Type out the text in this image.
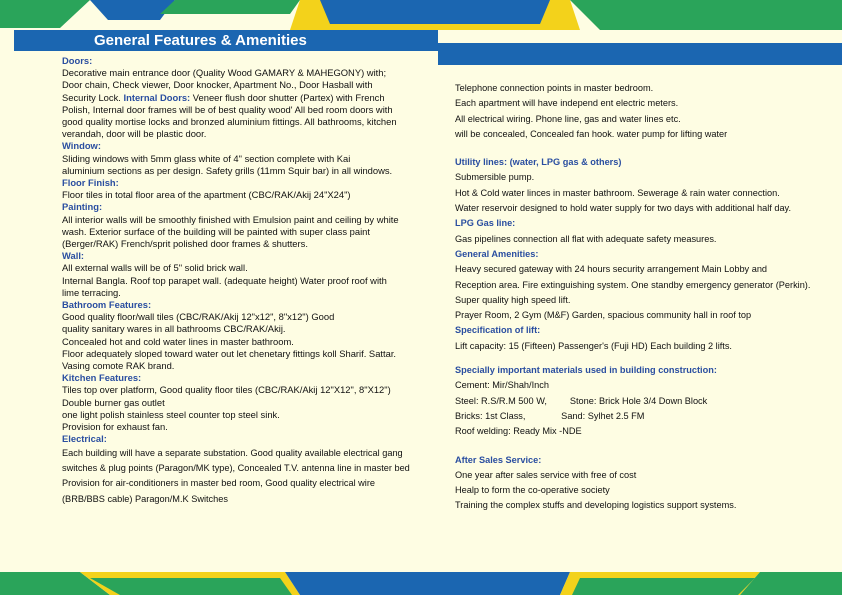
General Features & Amenities

Doors:

Decorative main entrance door (Quality Wood GAMARY & MAHEGONY) with;

Door chain, Check viewer, Door knocker, Apartment No., Door Hasball with

Security Lock. Internal Doors: Veneer flush door shutter (Partex) with French

Polish, Internal door frames will be of best quality wood' All bed room doors with

good quality mortise locks and bronzed aluminium fittings. All bathrooms, kitchen

verandah, door will be plastic door.

Window:

Sliding windows with 5mm glass white of 4" section complete with Kai

aluminium sections as per design. Safety grills (11mm Squir bar) in all windows.

Floor Finish:

Floor tiles in total floor area of the apartment (CBC/RAK/Akij 24"X24")

Painting:

All interior walls will be smoothly finished with Emulsion paint and ceiling by white

wash. Exterior surface of the building will be painted with super class paint

(Berger/RAK) French/sprit polished door frames & shutters.

Wall:

All external walls will be of 5" solid brick wall.

Internal Bangla. Roof top parapet wall. (adequate height) Water proof roof with

lime terracing.

Bathroom Features:

Good quality floor/wall tiles (CBC/RAK/Akij 12"x12", 8"x12") Good

quality sanitary wares in all bathrooms CBC/RAK/Akij.

Concealed hot and cold water lines in master bathroom.

Floor adequately sloped toward water out let chenetary fittings koll Sharif. Sattar.

Vasing comote RAK brand.

Kitchen Features:

Tiles top over platform, Good quality floor tiles (CBC/RAK/Akij 12"X12", 8"X12")

Double burner gas outlet

one light polish stainless steel counter top steel sink.

Provision for exhaust fan.

Electrical:

Each building will have a separate substation. Good quality available electrical gang

switches & plug points (Paragon/MK type), Concealed T.V. antenna line in master bed

Provision for air-conditioners in master bed room, Good quality electrical wire

(BRB/BBS cable) Paragon/M.K Switches

Telephone connection points in master bedroom.

Each apartment will have independ ent electric meters.

All electrical wiring. Phone line, gas and water lines etc.

will be concealed, Concealed fan hook. water pump for lifting water

Utility lines: (water, LPG gas & others)

Submersible pump.

Hot & Cold water linces in master bathroom. Sewerage & rain water connection.

Water reservoir designed to hold water supply for two days with additional half day.

LPG Gas line:

Gas pipelines connection all flat with adequate safety measures.

General Amenities:

Heavy secured gateway with 24 hours security arrangement Main Lobby and

Reception area. Fire extinguishing system. One standby emergency generator (Perkin).

Super quality high speed lift.

Prayer Room, 2 Gym (M&F) Garden, spacious community hall in roof top

Specification of lift:

Lift capacity: 15 (Fifteen) Passenger's (Fuji HD) Each building 2 lifts.

Specially important materials used in building construction:

Cement: Mir/Shah/Inch

Steel: R.S/R.M 500 W,         Stone: Brick Hole 3/4 Down Block

Bricks: 1st Class,              Sand: Sylhet 2.5 FM

Roof welding: Ready Mix -NDE

After Sales Service:

One year after sales service with free of cost

Healp to form the co-operative society

Training the complex stuffs and developing logistics support systems.
